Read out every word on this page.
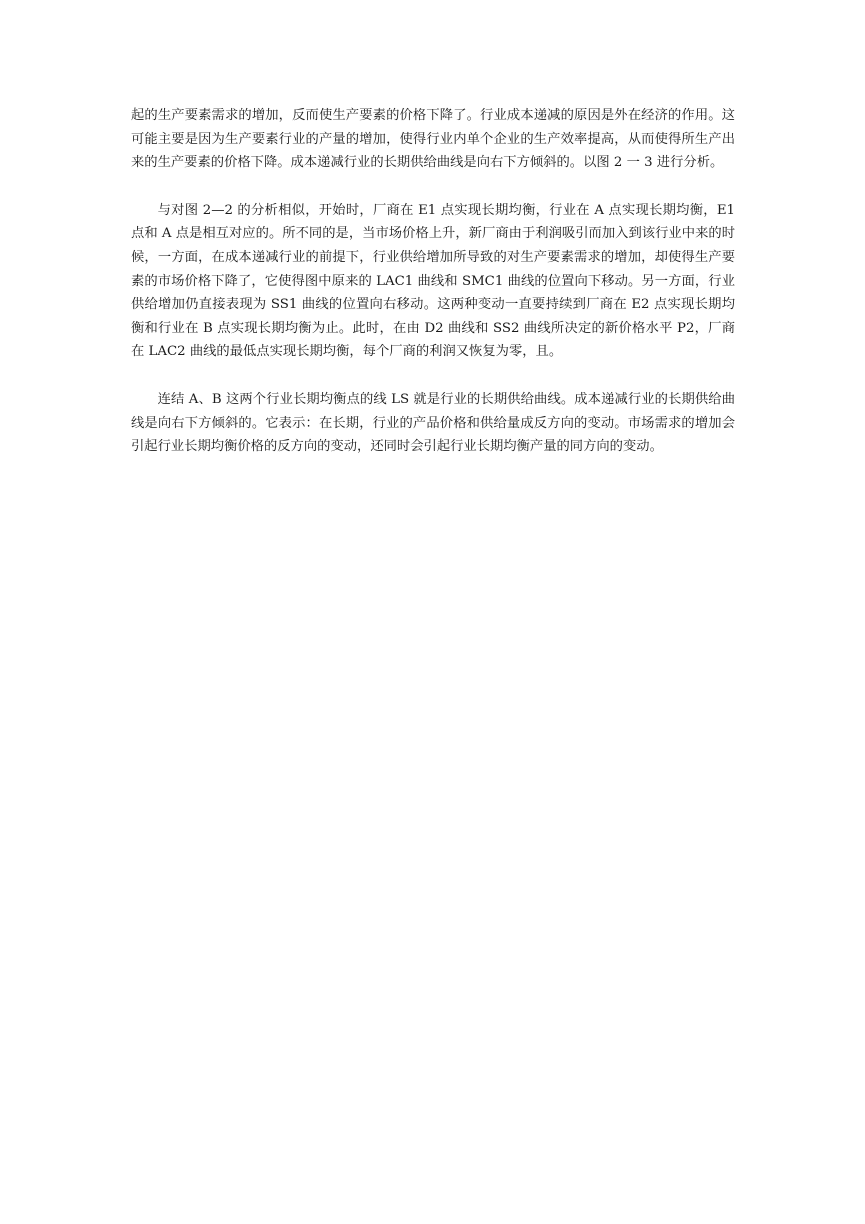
起的生产要素需求的增加，反而使生产要素的价格下降了。行业成本递减的原因是外在经济的作用。这可能主要是因为生产要素行业的产量的增加，使得行业内单个企业的生产效率提高，从而使得所生产出来的生产要素的价格下降。成本递减行业的长期供给曲线是向右下方倾斜的。以图 2 一 3 进行分析。

与对图 2—2 的分析相似，开始时，厂商在 E1 点实现长期均衡，行业在 A 点实现长期均衡，E1 点和 A 点是相互对应的。所不同的是，当市场价格上升，新厂商由于利润吸引而加入到该行业中来的时候，一方面，在成本递减行业的前提下，行业供给增加所导致的对生产要素需求的增加，却使得生产要素的市场价格下降了，它使得图中原来的 LAC1 曲线和 SMC1 曲线的位置向下移动。另一方面，行业供给增加仍直接表现为 SS1 曲线的位置向右移动。这两种变动一直要持续到厂商在 E2 点实现长期均衡和行业在 B 点实现长期均衡为止。此时，在由 D2 曲线和 SS2 曲线所决定的新价格水平 P2，厂商在 LAC2 曲线的最低点实现长期均衡，每个厂商的利润又恢复为零，且。

连结 A、B 这两个行业长期均衡点的线 LS 就是行业的长期供给曲线。成本递减行业的长期供给曲线是向右下方倾斜的。它表示：在长期，行业的产品价格和供给量成反方向的变动。市场需求的增加会引起行业长期均衡价格的反方向的变动，还同时会引起行业长期均衡产量的同方向的变动。
